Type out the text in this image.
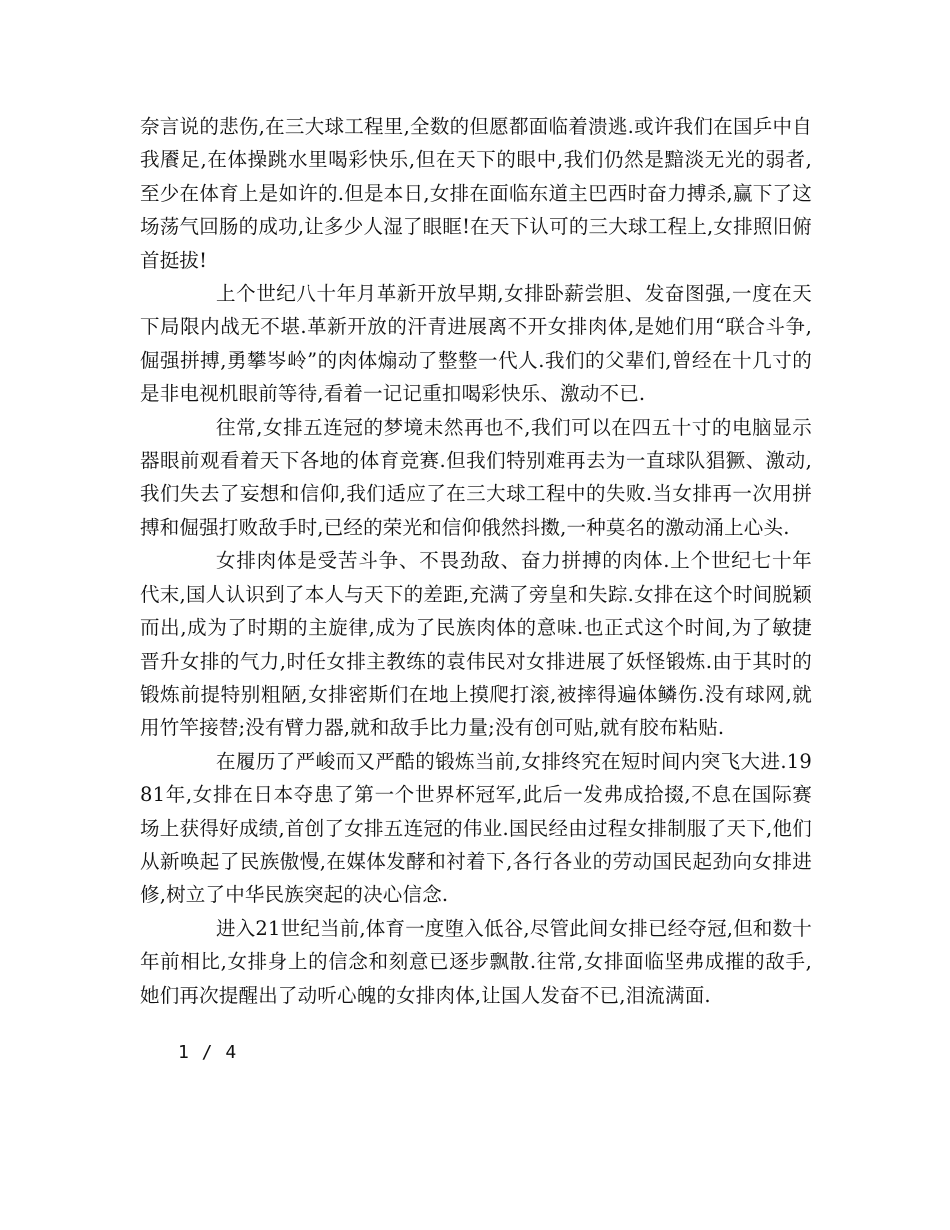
奈言说的悲伤,在三大球工程里,全数的但愿都面临着溃逃.或许我们在国乒中自我餍足,在体操跳水里喝彩快乐,但在天下的眼中,我们仍然是黯淡无光的弱者,至少在体育上是如许的.但是本日,女排在面临东道主巴西时奋力搏杀,赢下了这场荡气回肠的成功,让多少人湿了眼眶!在天下认可的三大球工程上,女排照旧俯首挺拔!

上个世纪八十年月革新开放早期,女排卧薪尝胆、发奋图强,一度在天下局限内战无不堪.革新开放的汗青进展离不开女排肉体,是她们用“联合斗争,倔强拼搏,勇攀岑岭”的肉体煽动了整整一代人.我们的父辈们,曾经在十几寸的是非电视机眼前等待,看着一记记重扣喝彩快乐、激动不已.

往常,女排五连冠的梦境未然再也不,我们可以在四五十寸的电脑显示器眼前观看着天下各地的体育竞赛.但我们特别难再去为一直球队猖獗、激动,我们失去了妄想和信仰,我们适应了在三大球工程中的失败.当女排再一次用拼搏和倔强打败敌手时,已经的荣光和信仰俄然抖擞,一种莫名的激动涌上心头.

女排肉体是受苦斗争、不畏劲敌、奋力拼搏的肉体.上个世纪七十年代末,国人认识到了本人与天下的差距,充满了旁皇和失踪.女排在这个时间脱颖而出,成为了时期的主旋律,成为了民族肉体的意味.也正式这个时间,为了敏捷晋升女排的气力,时任女排主教练的袁伟民对女排进展了妖怪锻炼.由于其时的锻炼前提特别粗陋,女排密斯们在地上摸爬打滚,被摔得遍体鳞伤.没有球网,就用竹竿接替;没有臂力器,就和敌手比力量;没有创可贴,就有胶布粘贴.

在履历了严峻而又严酷的锻炼当前,女排终究在短时间内突飞大进.1981年,女排在日本夺患了第一个世界杯冠军,此后一发弗成拾掇,不息在国际赛场上获得好成绩,首创了女排五连冠的伟业.国民经由过程女排制服了天下,他们从新唤起了民族傲慢,在媒体发酵和衬着下,各行各业的劳动国民起劲向女排进修,树立了中华民族突起的决心信念.

进入21世纪当前,体育一度堕入低谷,尽管此间女排已经夺冠,但和数十年前相比,女排身上的信念和刻意已逐步飘散.往常,女排面临坚弗成摧的敌手,她们再次提醒出了动听心魄的女排肉体,让国人发奋不已,泪流满面.

1 / 4
